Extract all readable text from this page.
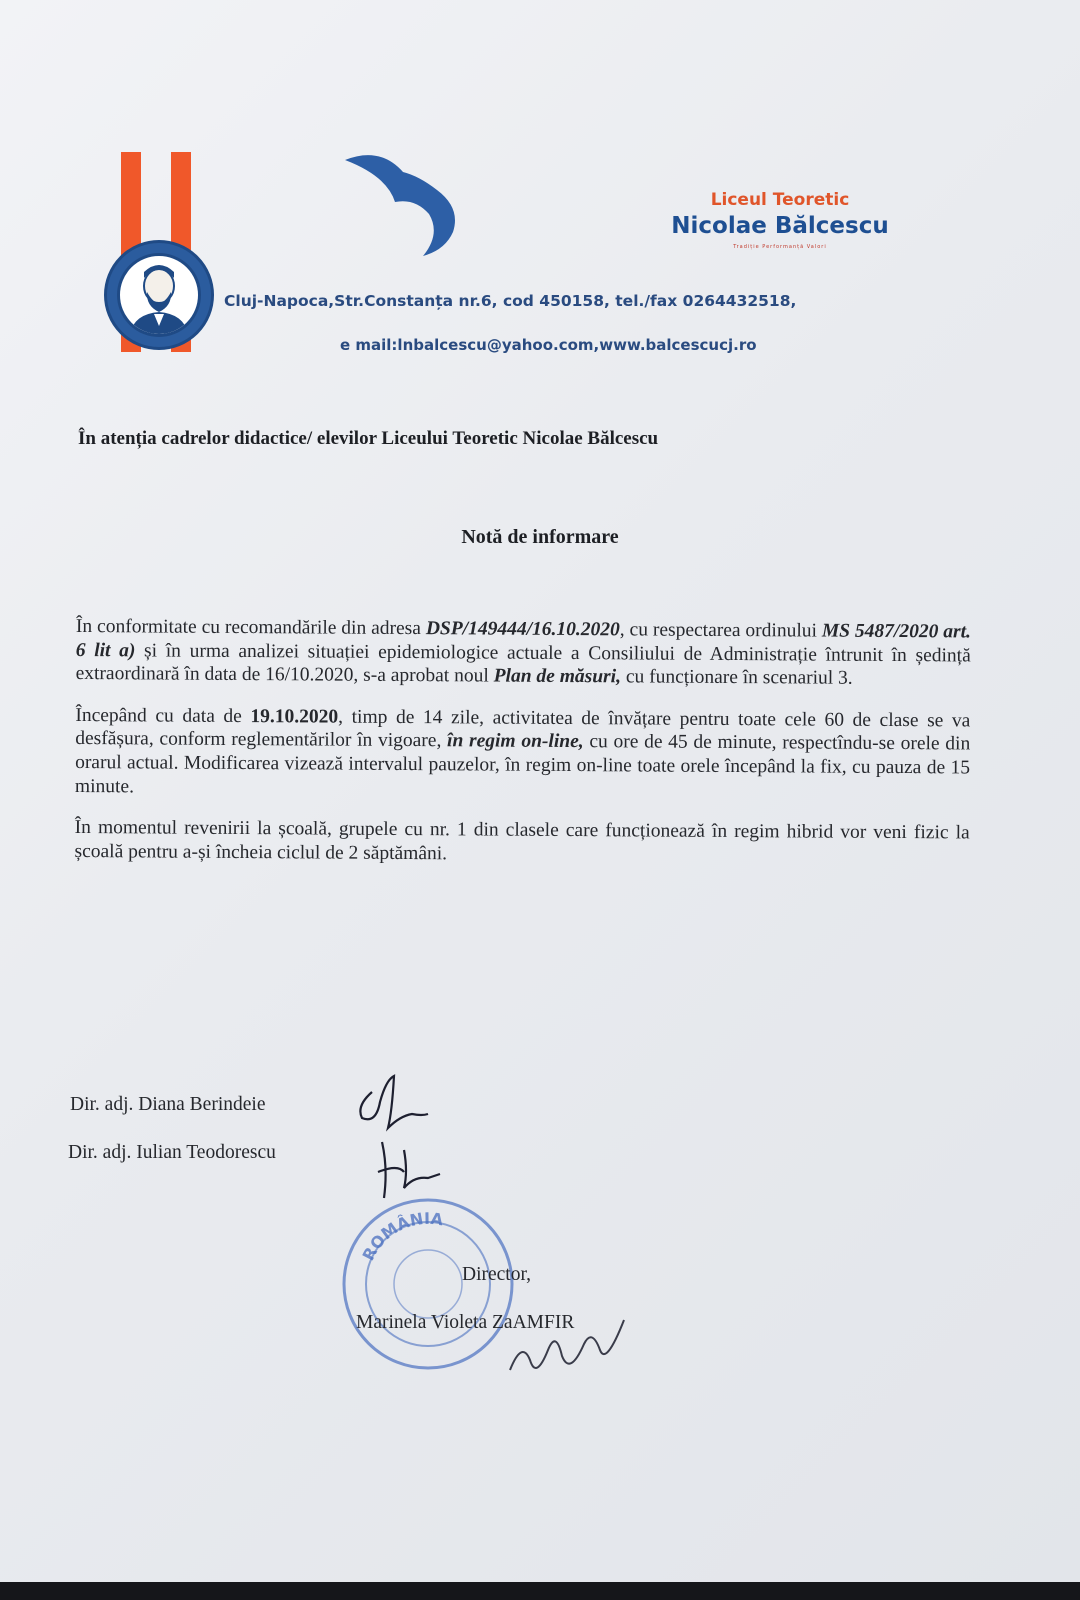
Liceul Teoretic
Nicolae Bălcescu
Tradiție Performanță Valori
Cluj-Napoca,Str.Constanța nr.6, cod 450158, tel./fax 0264432518,
e mail:lnbalcescu@yahoo.com,www.balcescucj.ro
În atenția cadrelor didactice/ elevilor Liceului Teoretic Nicolae Bălcescu
Notă de informare

În conformitate cu recomandările din adresa DSP/149444/16.10.2020, cu respectarea ordinului MS 5487/2020 art. 6 lit a) și în urma analizei situației epidemiologice actuale a Consiliului de Administrație întrunit în ședință extraordinară în data de 16/10.2020, s-a aprobat noul Plan de măsuri, cu funcționare în scenariul 3.

Începând cu data de 19.10.2020, timp de 14 zile, activitatea de învățare pentru toate cele 60 de clase se va desfășura, conform reglementărilor în vigoare, în regim on-line, cu ore de 45 de minute, respectîndu-se orele din orarul actual. Modificarea vizează intervalul pauzelor, în regim on-line toate orele începând la fix, cu pauza de 15 minute.

În momentul revenirii la școală, grupele cu nr. 1 din clasele care funcționează în regim hibrid vor veni fizic la școală pentru a-și încheia ciclul de 2 săptămâni.

Dir. adj. Diana Berindeie
Dir. adj. Iulian Teodorescu
ROMÂNIA
Director,
Marinela Violeta ZaAMFIR
